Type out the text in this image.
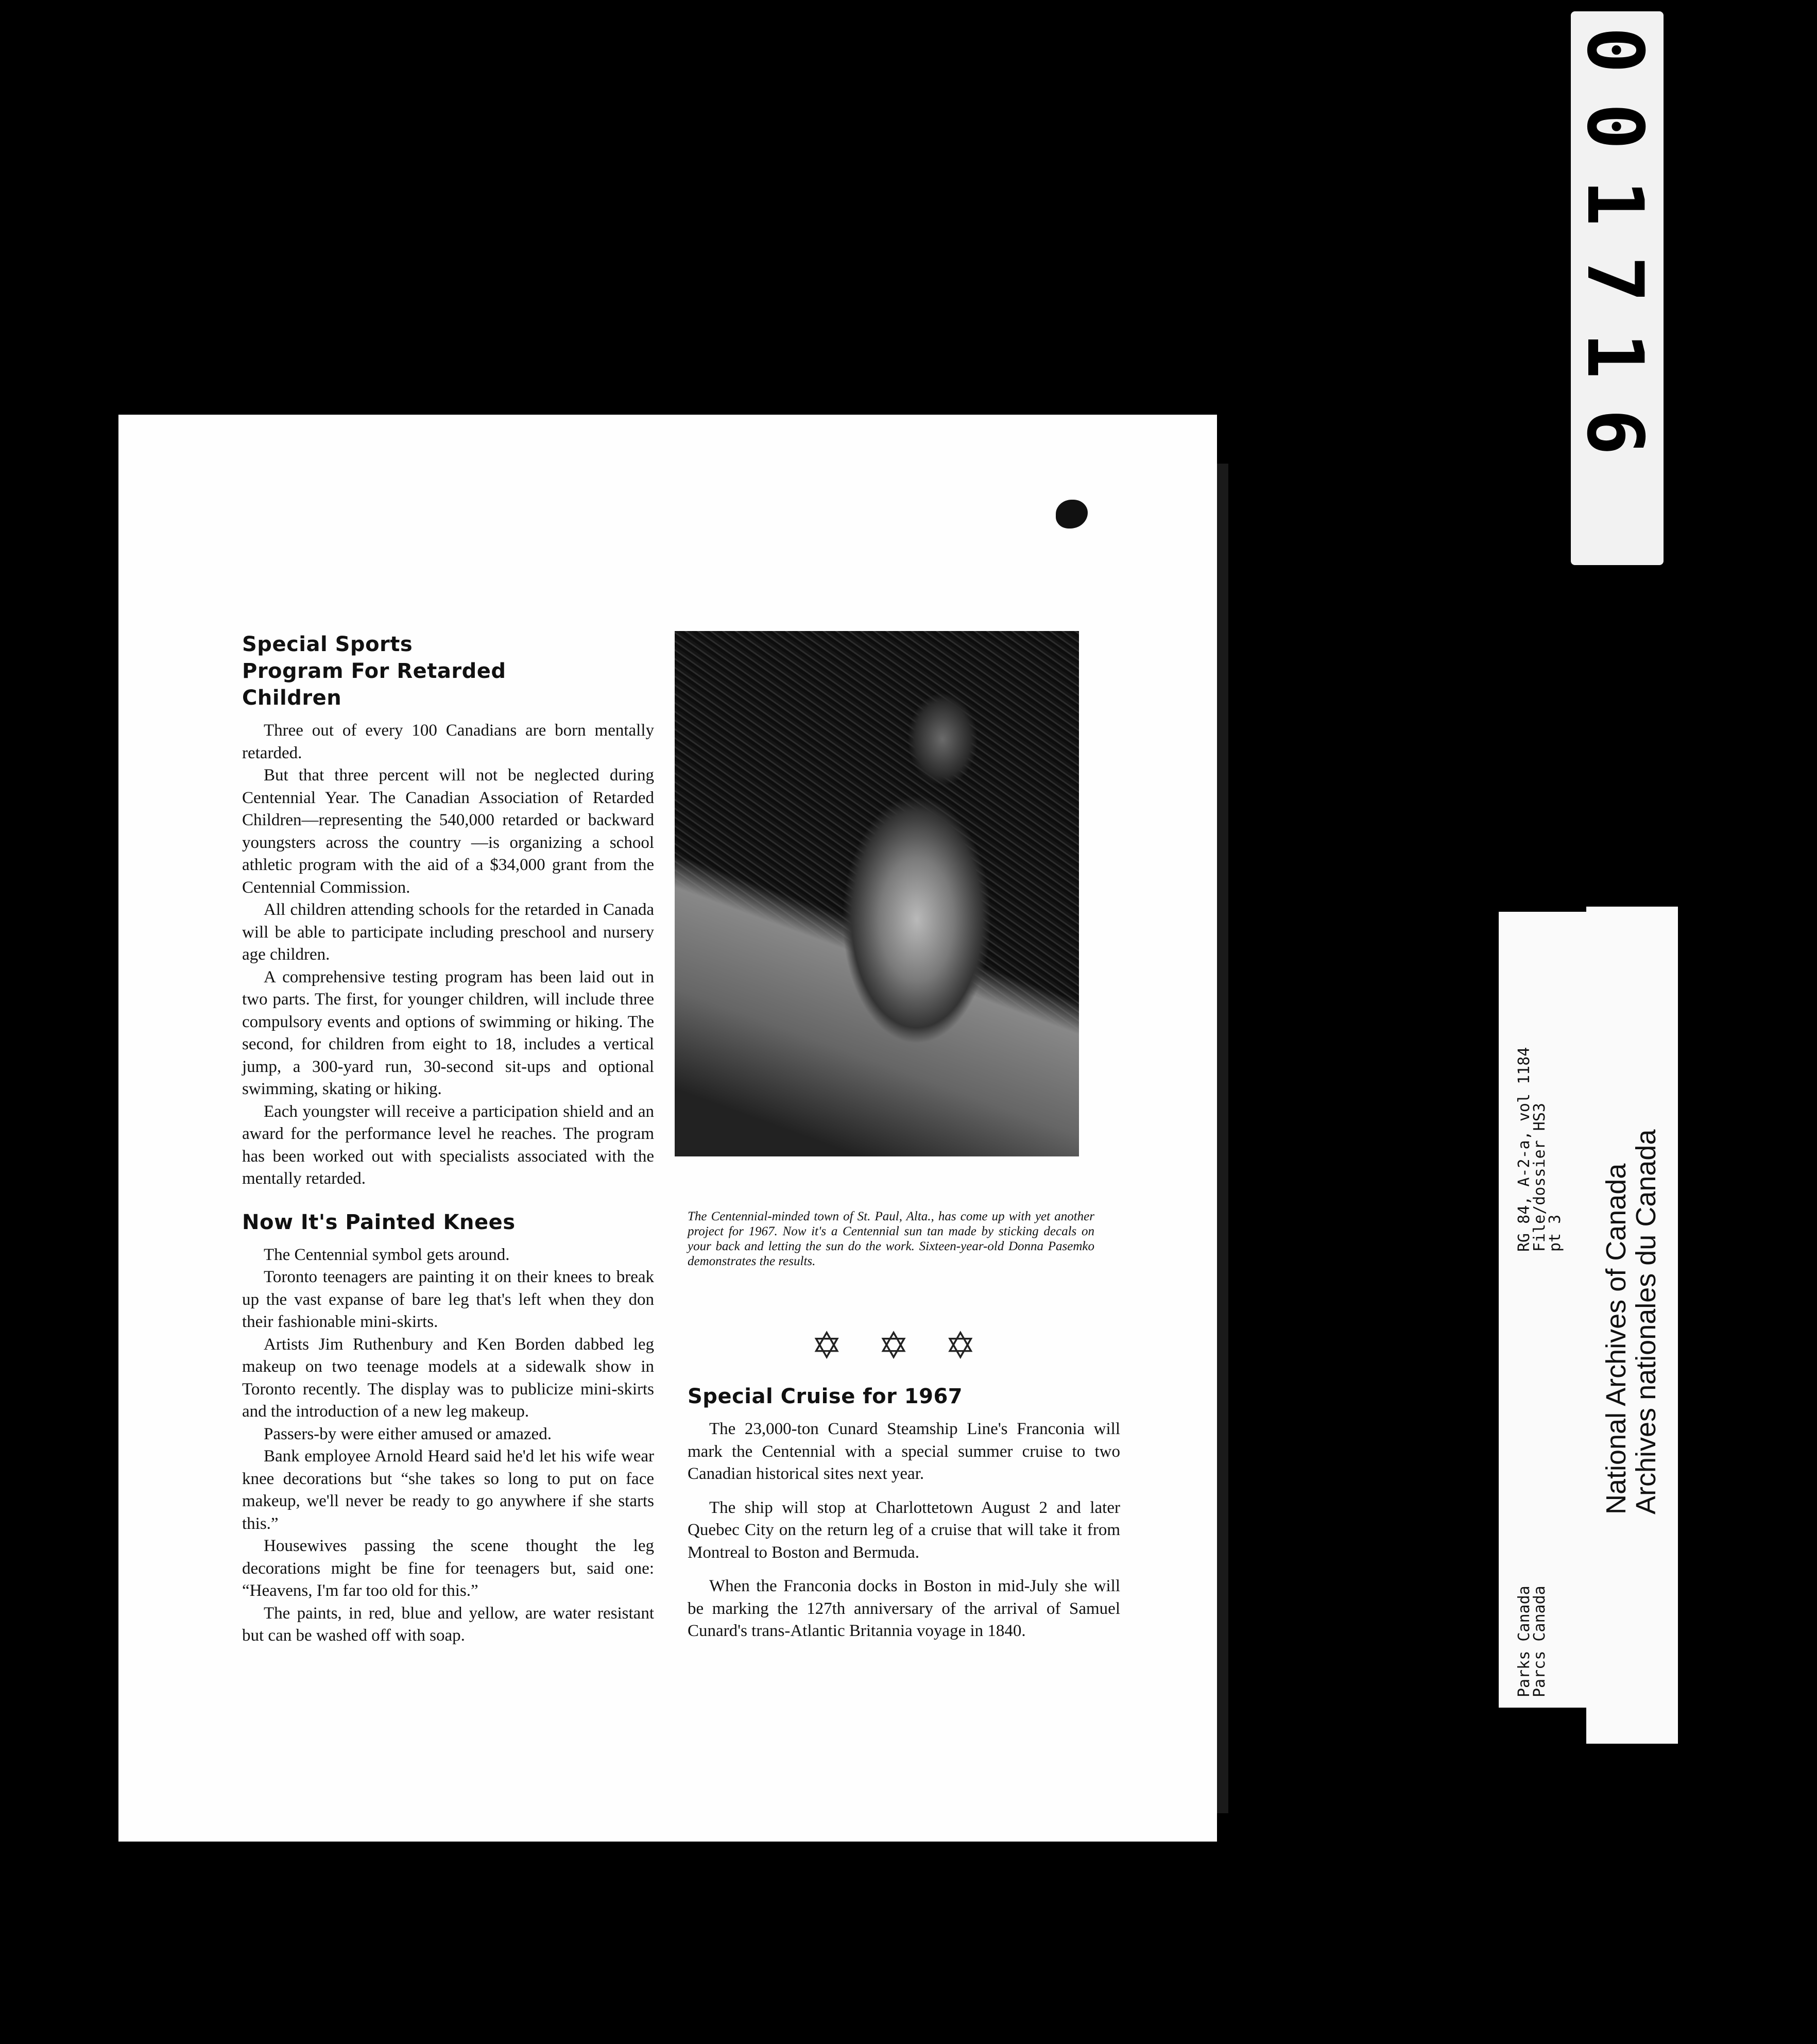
001716
Special Sports Program For Retarded Children

Three out of every 100 Canadians are born mentally retarded.

But that three percent will not be neglected during Centennial Year. The Canadian Association of Retarded Children—representing the 540,000 retarded or backward youngsters across the country —is organizing a school athletic program with the aid of a $34,000 grant from the Centennial Commission.

All children attending schools for the retarded in Canada will be able to participate including preschool and nursery age children.

A comprehensive testing program has been laid out in two parts. The first, for younger children, will include three compulsory events and options of swimming or hiking. The second, for children from eight to 18, includes a vertical jump, a 300-yard run, 30-second sit-ups and optional swimming, skating or hiking.

Each youngster will receive a participation shield and an award for the performance level he reaches. The program has been worked out with specialists associated with the mentally retarded.

Now It's Painted Knees

The Centennial symbol gets around.

Toronto teenagers are painting it on their knees to break up the vast expanse of bare leg that's left when they don their fashionable mini-skirts.

Artists Jim Ruthenbury and Ken Borden dabbed leg makeup on two teenage models at a sidewalk show in Toronto recently. The display was to publicize mini-skirts and the introduction of a new leg makeup.

Passers-by were either amused or amazed.

Bank employee Arnold Heard said he'd let his wife wear knee decorations but “she takes so long to put on face makeup, we'll never be ready to go anywhere if she starts this.”

Housewives passing the scene thought the leg decorations might be fine for teenagers but, said one: “Heavens, I'm far too old for this.”

The paints, in red, blue and yellow, are water resistant but can be washed off with soap.

The Centennial-minded town of St. Paul, Alta., has come up with yet another project for 1967. Now it's a Centennial sun tan made by sticking decals on your back and letting the sun do the work. Sixteen-year-old Donna Pasemko demonstrates the results.
✡ ✡ ✡
Special Cruise for 1967

The 23,000-ton Cunard Steamship Line's Franconia will mark the Centennial with a special summer cruise to two Canadian historical sites next year.

The ship will stop at Charlottetown August 2 and later Quebec City on the return leg of a cruise that will take it from Montreal to Boston and Bermuda.

When the Franconia docks in Boston in mid-July she will be marking the 127th anniversary of the arrival of Samuel Cunard's trans-Atlantic Britannia voyage in 1840.

RG 84, A-2-a, vol 1184
File/dossier HS3
pt 3
Parks Canada
Parcs Canada
National Archives of Canada
Archives nationales du Canada
